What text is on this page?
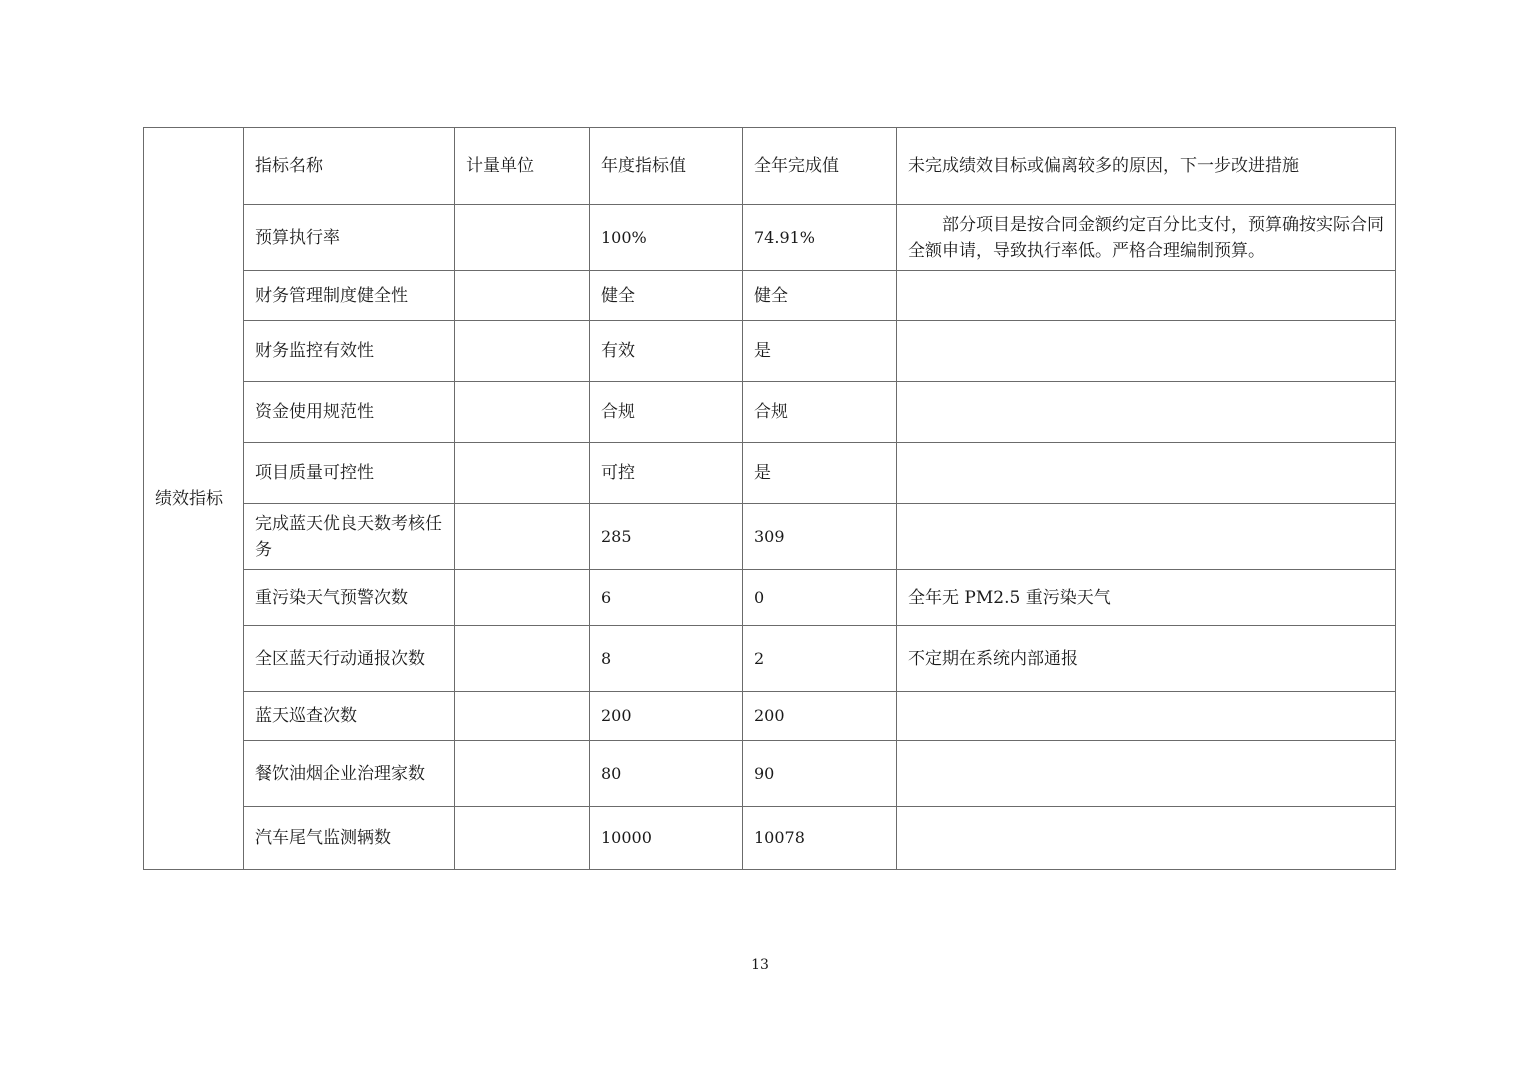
绩效指标	指标名称	计量单位	年度指标值	全年完成值	未完成绩效目标或偏离较多的原因，下一步改进措施
	预算执行率		100%	74.91%	部分项目是按合同金额约定百分比支付，预算确按实际合同全额申请，导致执行率低。严格合理编制预算。
	财务管理制度健全性		健全	健全	
	财务监控有效性		有效	是	
	资金使用规范性		合规	合规	
	项目质量可控性		可控	是	
	完成蓝天优良天数考核任务		285	309	
	重污染天气预警次数		6	0	全年无 PM2.5 重污染天气
	全区蓝天行动通报次数		8	2	不定期在系统内部通报
	蓝天巡查次数		200	200	
	餐饮油烟企业治理家数		80	90	
	汽车尾气监测辆数		10000	10078	
13
